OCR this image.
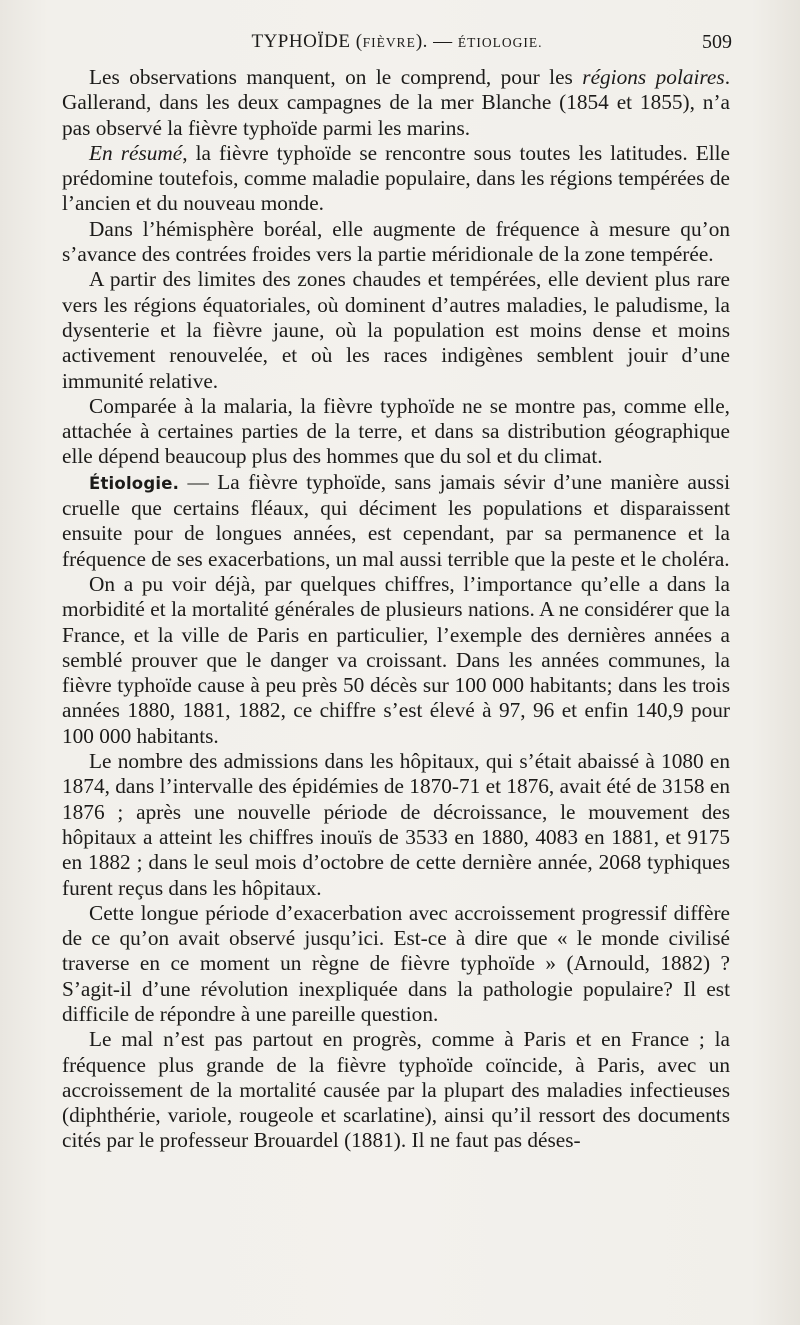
TYPHOÏDE (FIÈVRE). — ÉTIOLOGIE.	509

Les observations manquent, on le comprend, pour les régions polaires. Gallerand, dans les deux campagnes de la mer Blanche (1854 et 1855), n’a pas observé la fièvre typhoïde parmi les marins.

En résumé, la fièvre typhoïde se rencontre sous toutes les latitudes. Elle prédomine toutefois, comme maladie populaire, dans les régions tempérées de l’ancien et du nouveau monde.

Dans l’hémisphère boréal, elle augmente de fréquence à mesure qu’on s’avance des contrées froides vers la partie méridionale de la zone tempérée.

A partir des limites des zones chaudes et tempérées, elle devient plus rare vers les régions équatoriales, où dominent d’autres maladies, le paludisme, la dysenterie et la fièvre jaune, où la population est moins dense et moins activement renouvelée, et où les races indigènes semblent jouir d’une immunité relative.

Comparée à la malaria, la fièvre typhoïde ne se montre pas, comme elle, attachée à certaines parties de la terre, et dans sa distribution géographique elle dépend beaucoup plus des hommes que du sol et du climat.

Étiologie. — La fièvre typhoïde, sans jamais sévir d’une manière aussi cruelle que certains fléaux, qui déciment les populations et disparaissent ensuite pour de longues années, est cependant, par sa permanence et la fréquence de ses exacerbations, un mal aussi terrible que la peste et le choléra.

On a pu voir déjà, par quelques chiffres, l’importance qu’elle a dans la morbidité et la mortalité générales de plusieurs nations. A ne considérer que la France, et la ville de Paris en particulier, l’exemple des dernières années a semblé prouver que le danger va croissant. Dans les années communes, la fièvre typhoïde cause à peu près 50 décès sur 100 000 habitants; dans les trois années 1880, 1881, 1882, ce chiffre s’est élevé à 97, 96 et enfin 140,9 pour 100 000 habitants.

Le nombre des admissions dans les hôpitaux, qui s’était abaissé à 1080 en 1874, dans l’intervalle des épidémies de 1870-71 et 1876, avait été de 3158 en 1876 ; après une nouvelle période de décroissance, le mouvement des hôpitaux a atteint les chiffres inouïs de 3533 en 1880, 4083 en 1881, et 9175 en 1882 ; dans le seul mois d’octobre de cette dernière année, 2068 typhiques furent reçus dans les hôpitaux.

Cette longue période d’exacerbation avec accroissement progressif diffère de ce qu’on avait observé jusqu’ici. Est-ce à dire que « le monde civilisé traverse en ce moment un règne de fièvre typhoïde » (Arnould, 1882) ? S’agit-il d’une révolution inexpliquée dans la pathologie populaire? Il est difficile de répondre à une pareille question.

Le mal n’est pas partout en progrès, comme à Paris et en France ; la fréquence plus grande de la fièvre typhoïde coïncide, à Paris, avec un accroissement de la mortalité causée par la plupart des maladies infectieuses (diphthérie, variole, rougeole et scarlatine), ainsi qu’il ressort des documents cités par le professeur Brouardel (1881). Il ne faut pas déses-
